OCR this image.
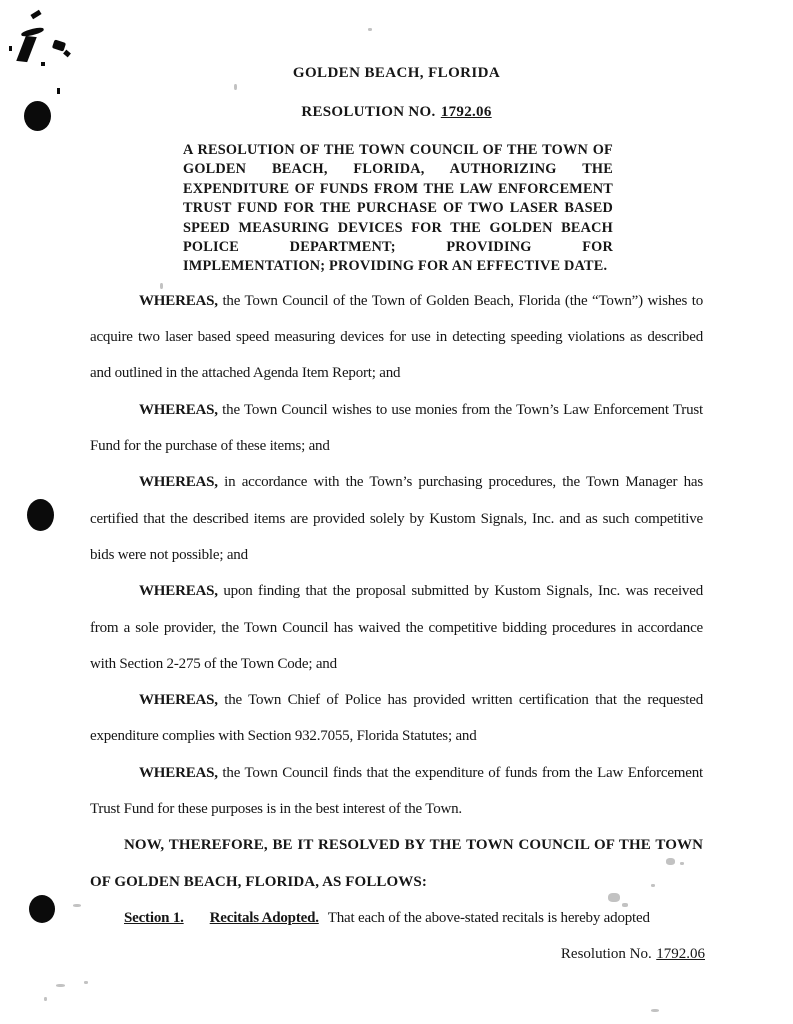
GOLDEN BEACH, FLORIDA
RESOLUTION NO. 1792.06
A RESOLUTION OF THE TOWN COUNCIL OF THE TOWN OF GOLDEN BEACH, FLORIDA, AUTHORIZING THE EXPENDITURE OF FUNDS FROM THE LAW ENFORCEMENT TRUST FUND FOR THE PURCHASE OF TWO LASER BASED SPEED MEASURING DEVICES FOR THE GOLDEN BEACH POLICE DEPARTMENT; PROVIDING FOR IMPLEMENTATION; PROVIDING FOR AN EFFECTIVE DATE.

WHEREAS, the Town Council of the Town of Golden Beach, Florida (the “Town”) wishes to acquire two laser based speed measuring devices for use in detecting speeding violations as described and outlined in the attached Agenda Item Report; and

WHEREAS, the Town Council wishes to use monies from the Town’s Law Enforcement Trust Fund for the purchase of these items; and

WHEREAS, in accordance with the Town’s purchasing procedures, the Town Manager has certified that the described items are provided solely by Kustom Signals, Inc. and as such competitive bids were not possible; and

WHEREAS, upon finding that the proposal submitted by Kustom Signals, Inc. was received from a sole provider, the Town Council has waived the competitive bidding procedures in accordance with Section 2-275 of the Town Code; and

WHEREAS, the Town Chief of Police has provided written certification that the requested expenditure complies with Section 932.7055, Florida Statutes; and

WHEREAS, the Town Council finds that the expenditure of funds from the Law Enforcement Trust Fund for these purposes is in the best interest of the Town.

NOW, THEREFORE, BE IT RESOLVED BY THE TOWN COUNCIL OF THE TOWN OF GOLDEN BEACH, FLORIDA, AS FOLLOWS:

Section 1. Recitals Adopted. That each of the above-stated recitals is hereby adopted

Resolution No. 1792.06
